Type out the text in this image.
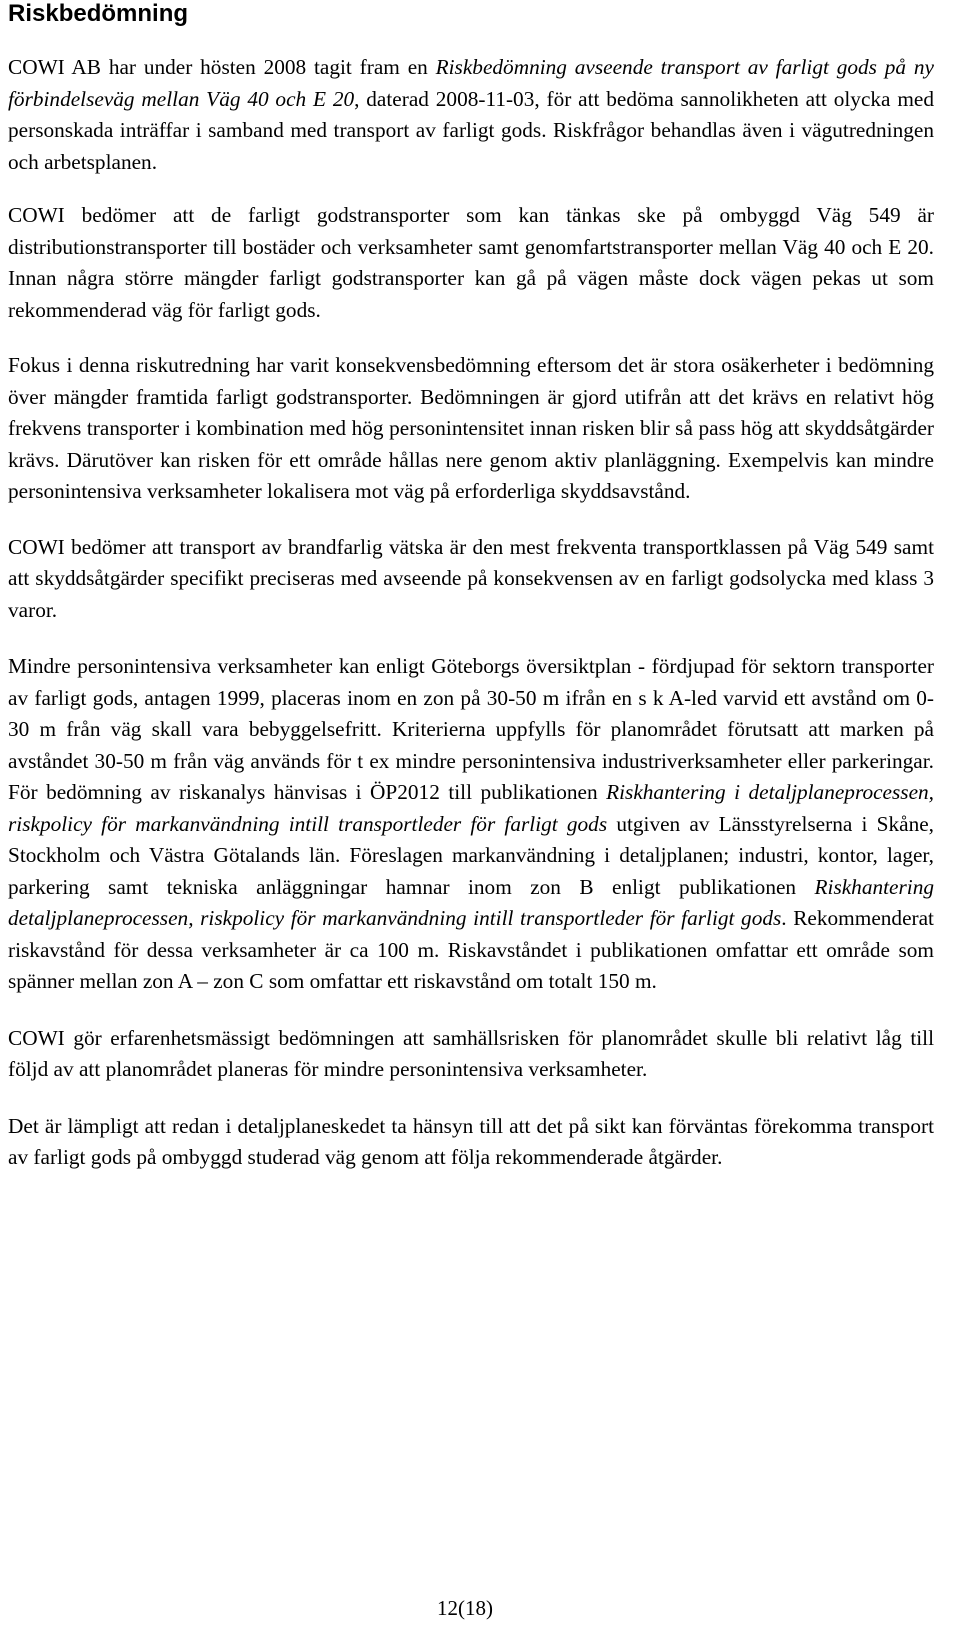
Riskbedömning

COWI AB har under hösten 2008 tagit fram en Riskbedömning avseende transport av farligt gods på ny förbindelseväg mellan Väg 40 och E 20, daterad 2008-11-03, för att bedöma sannolikheten att olycka med personskada inträffar i samband med transport av farligt gods. Riskfrågor behandlas även i vägutredningen och arbetsplanen.

COWI bedömer att de farligt godstransporter som kan tänkas ske på ombyggd Väg 549 är distributionstransporter till bostäder och verksamheter samt genomfartstransporter mellan Väg 40 och E 20. Innan några större mängder farligt godstransporter kan gå på vägen måste dock vägen pekas ut som rekommenderad väg för farligt gods.

Fokus i denna riskutredning har varit konsekvensbedömning eftersom det är stora osäkerheter i bedömning över mängder framtida farligt godstransporter. Bedömningen är gjord utifrån att det krävs en relativt hög frekvens transporter i kombination med hög personintensitet innan risken blir så pass hög att skyddsåtgärder krävs. Därutöver kan risken för ett område hållas nere genom aktiv planläggning. Exempelvis kan mindre personintensiva verksamheter lokalisera mot väg på erforderliga skyddsavstånd.

COWI bedömer att transport av brandfarlig vätska är den mest frekventa transportklassen på Väg 549 samt att skyddsåtgärder specifikt preciseras med avseende på konsekvensen av en farligt godsolycka med klass 3 varor.

Mindre personintensiva verksamheter kan enligt Göteborgs översiktplan - fördjupad för sektorn transporter av farligt gods, antagen 1999, placeras inom en zon på 30-50 m ifrån en s k A-led varvid ett avstånd om 0-30 m från väg skall vara bebyggelsefritt. Kriterierna uppfylls för planområdet förutsatt att marken på avståndet 30-50 m från väg används för t ex mindre personintensiva industriverksamheter eller parkeringar. För bedömning av riskanalys hänvisas i ÖP2012 till publikationen Riskhantering i detaljplaneprocessen, riskpolicy för markanvändning intill transportleder för farligt gods utgiven av Länsstyrelserna i Skåne, Stockholm och Västra Götalands län. Föreslagen markanvändning i detaljplanen; industri, kontor, lager, parkering samt tekniska anläggningar hamnar inom zon B enligt publikationen Riskhantering detaljplaneprocessen, riskpolicy för markanvändning intill transportleder för farligt gods. Rekommenderat riskavstånd för dessa verksamheter är ca 100 m. Riskavståndet i publikationen omfattar ett område som spänner mellan zon A – zon C som omfattar ett riskavstånd om totalt 150 m.

COWI gör erfarenhetsmässigt bedömningen att samhällsrisken för planområdet skulle bli relativt låg till följd av att planområdet planeras för mindre personintensiva verksamheter.

Det är lämpligt att redan i detaljplaneskedet ta hänsyn till att det på sikt kan förväntas förekomma transport av farligt gods på ombyggd studerad väg genom att följa rekommenderade åtgärder.

12(18)
